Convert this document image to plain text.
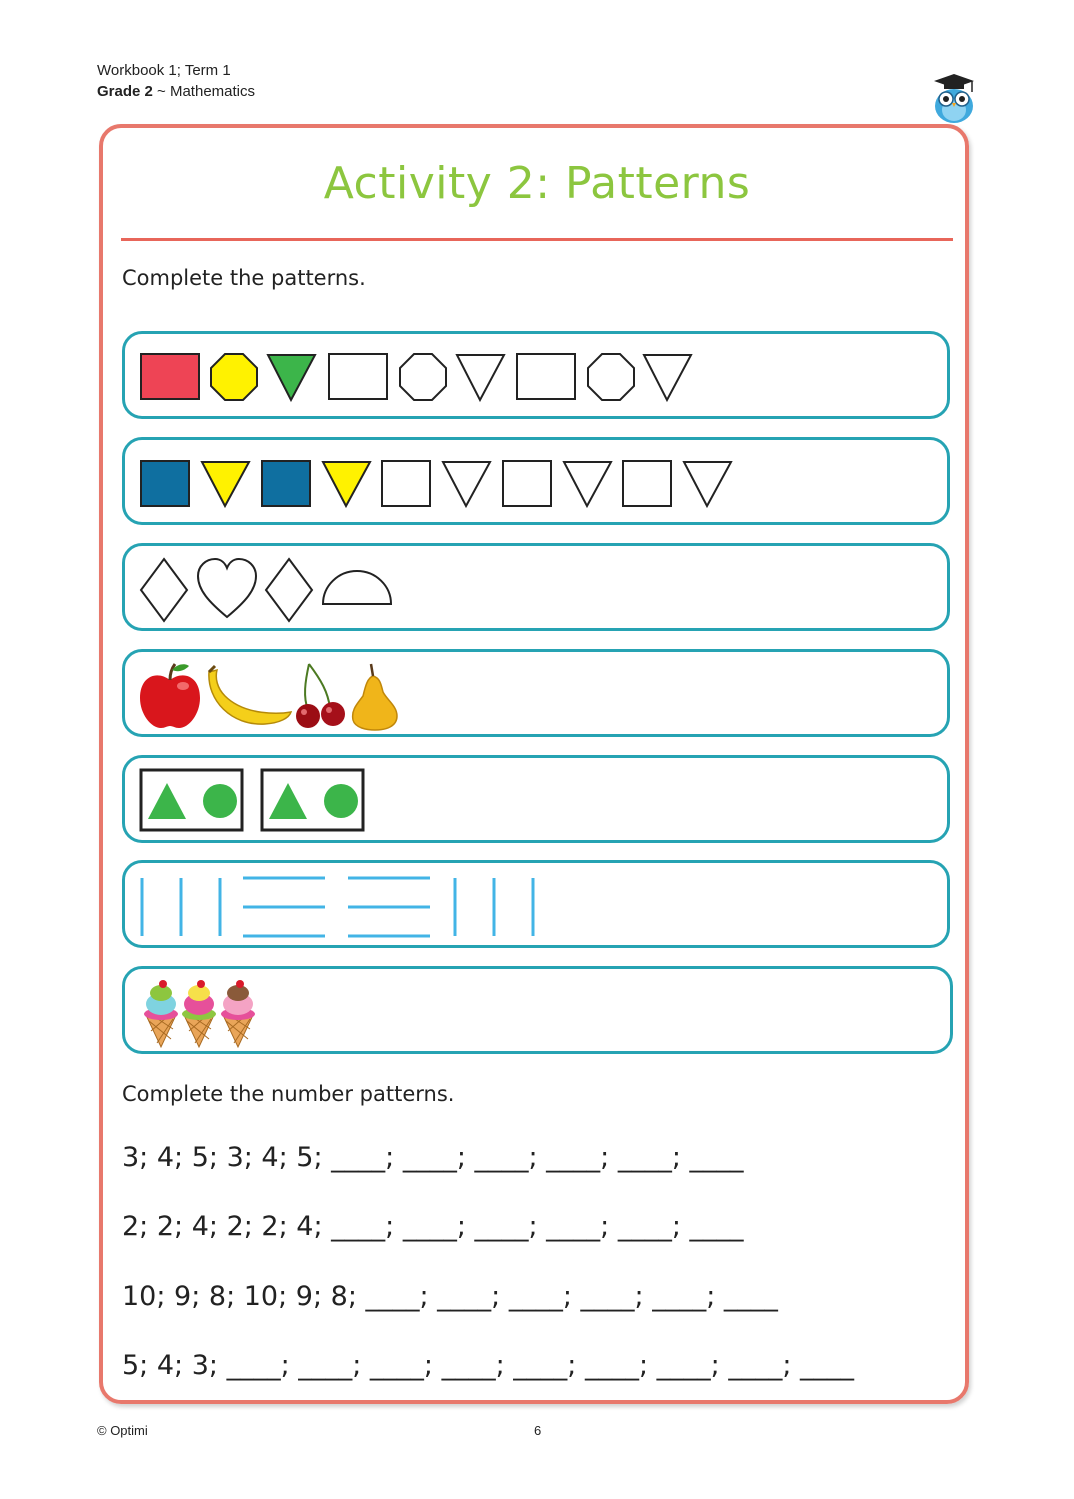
Workbook 1; Term 1
Grade 2 ~ Mathematics
Activity 2: Patterns
Complete the patterns.
Complete the number patterns.
3; 4; 5; 3; 4; 5; ____; ____; ____; ____; ____; ____
2; 2; 4; 2; 2; 4; ____; ____; ____; ____; ____; ____
10; 9; 8; 10; 9; 8; ____; ____; ____; ____; ____; ____
5; 4; 3; ____; ____; ____; ____; ____; ____; ____; ____; ____
© Optimi	6
